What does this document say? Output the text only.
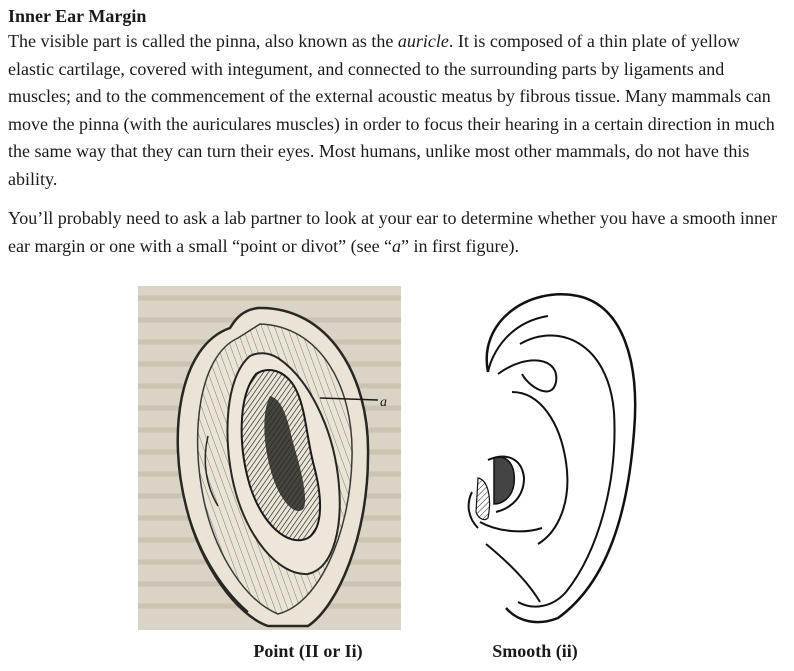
Inner Ear Margin

The visible part is called the pinna, also known as the auricle. It is composed of a thin plate of yellow elastic cartilage, covered with integument, and connected to the surrounding parts by ligaments and muscles; and to the commencement of the external acoustic meatus by fibrous tissue. Many mammals can move the pinna (with the auriculares muscles) in order to focus their hearing in a certain direction in much the same way that they can turn their eyes. Most humans, unlike most other mammals, do not have this ability.

You’ll probably need to ask a lab partner to look at your ear to determine whether you have a smooth inner ear margin or one with a small “point or divot” (see “a” in first figure).

a
Point (II or Ii)	Smooth (ii)
